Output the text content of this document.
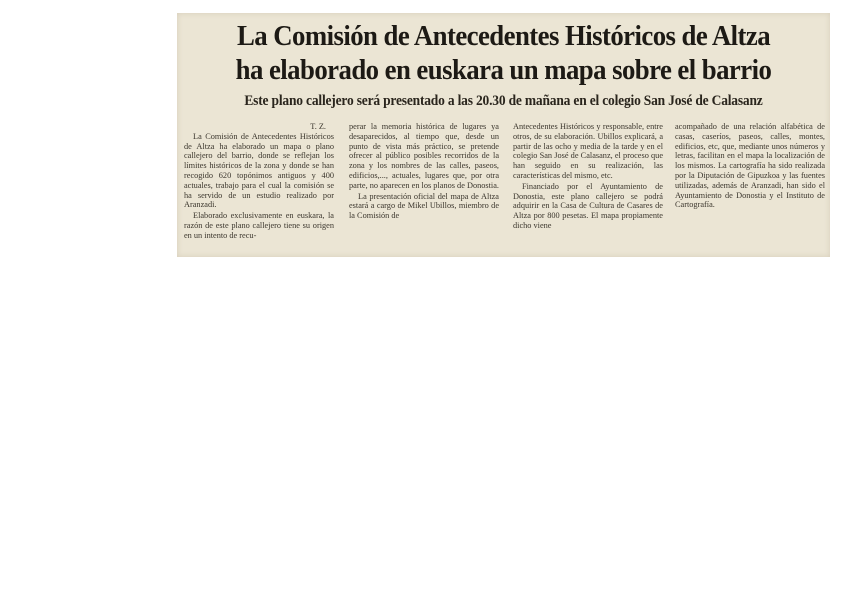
La Comisión de Antecedentes Históricos de Altza
ha elaborado en euskara un mapa sobre el barrio
Este plano callejero será presentado a las 20.30 de mañana en el colegio San José de Calasanz
T. Z.

La Comisión de Antecedentes Históricos de Altza ha elaborado un mapa o plano callejero del barrio, donde se reflejan los límites históricos de la zona y donde se han recogido 620 topónimos antiguos y 400 actuales, trabajo para el cual la comisión se ha servido de un estudio realizado por Aranzadi.

Elaborado exclusivamente en euskara, la razón de este plano callejero tiene su origen en un intento de recu-

perar la memoria histórica de lugares ya desaparecidos, al tiempo que, desde un punto de vista más práctico, se pretende ofrecer al público posibles recorridos de la zona y los nombres de las calles, paseos, edificios,..., actuales, lugares que, por otra parte, no aparecen en los planos de Donostia.

La presentación oficial del mapa de Altza estará a cargo de Mikel Ubillos, miembro de la Comisión de

Antecedentes Históricos y responsable, entre otros, de su elaboración. Ubillos explicará, a partir de las ocho y media de la tarde y en el colegio San José de Calasanz, el proceso que han seguido en su realización, las características del mismo, etc.

Financiado por el Ayuntamiento de Donostia, este plano callejero se podrá adquirir en la Casa de Cultura de Casares de Altza por 800 pesetas. El mapa propiamente dicho viene

acompañado de una relación alfabética de casas, caseríos, paseos, calles, montes, edificios, etc, que, mediante unos números y letras, facilitan en el mapa la localización de los mismos. La cartografía ha sido realizada por la Diputación de Gipuzkoa y las fuentes utilizadas, además de Aranzadi, han sido el Ayuntamiento de Donostia y el Instituto de Cartografía.
